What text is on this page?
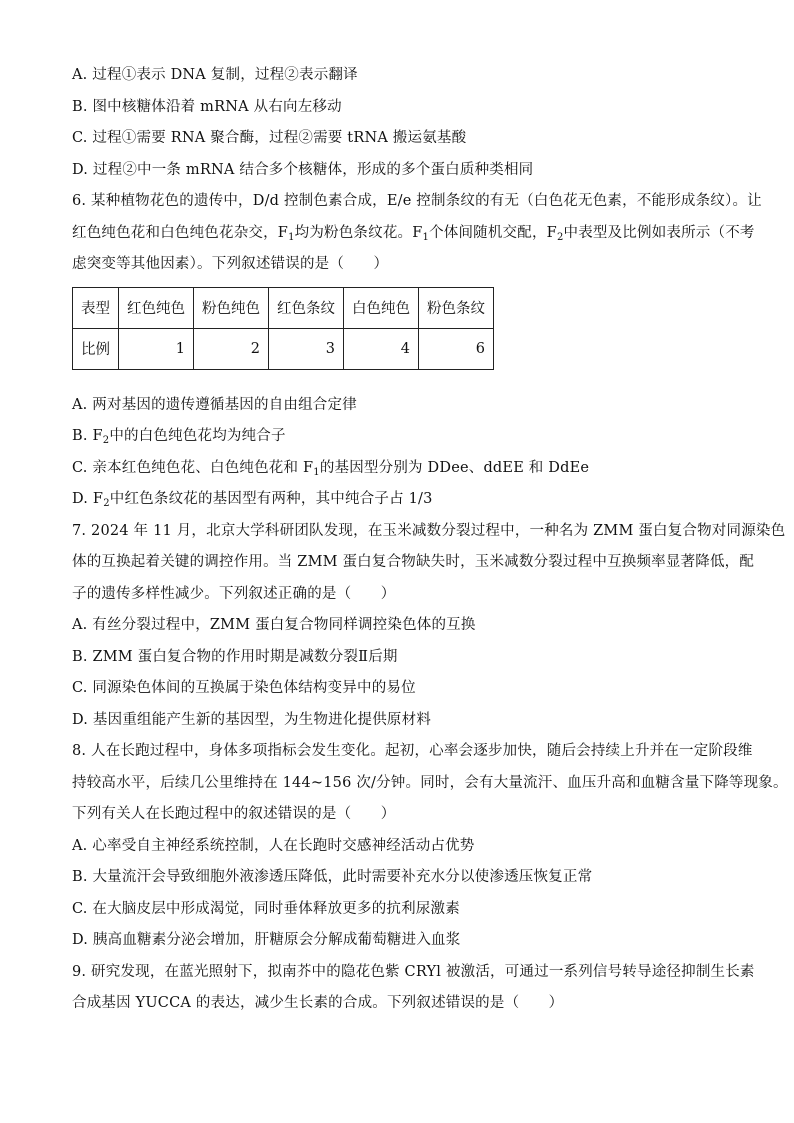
A. 过程①表示 DNA 复制，过程②表示翻译
B. 图中核糖体沿着 mRNA 从右向左移动
C. 过程①需要 RNA 聚合酶，过程②需要 tRNA 搬运氨基酸
D. 过程②中一条 mRNA 结合多个核糖体，形成的多个蛋白质种类相同
6. 某种植物花色的遗传中，D/d 控制色素合成，E/e 控制条纹的有无（白色花无色素，不能形成条纹）。让
红色纯色花和白色纯色花杂交，$F_1$均为粉色条纹花。$F_1$个体间随机交配，$F_2$中表型及比例如表所示（不考
虑突变等其他因素）。下列叙述错误的是（　　）
表型	红色纯色	粉色纯色	红色条纹	白色纯色	粉色条纹
比例	1	2	3	4	6
A. 两对基因的遗传遵循基因的自由组合定律
B. $F_2$中的白色纯色花均为纯合子
C. 亲本红色纯色花、白色纯色花和 $F_1$的基因型分别为 DDee、ddEE 和 DdEe
D. $F_2$中红色条纹花的基因型有两种，其中纯合子占 1/3
7. 2024 年 11 月，北京大学科研团队发现，在玉米减数分裂过程中，一种名为 ZMM 蛋白复合物对同源染色
体的互换起着关键的调控作用。当 ZMM 蛋白复合物缺失时，玉米减数分裂过程中互换频率显著降低，配
子的遗传多样性减少。下列叙述正确的是（　　）
A. 有丝分裂过程中，ZMM 蛋白复合物同样调控染色体的互换
B. ZMM 蛋白复合物的作用时期是减数分裂Ⅱ后期
C. 同源染色体间的互换属于染色体结构变异中的易位
D. 基因重组能产生新的基因型，为生物进化提供原材料
8. 人在长跑过程中，身体多项指标会发生变化。起初，心率会逐步加快，随后会持续上升并在一定阶段维
持较高水平，后续几公里维持在 144~156 次/分钟。同时，会有大量流汗、血压升高和血糖含量下降等现象。
下列有关人在长跑过程中的叙述错误的是（　　）
A. 心率受自主神经系统控制，人在长跑时交感神经活动占优势
B. 大量流汗会导致细胞外液渗透压降低，此时需要补充水分以使渗透压恢复正常
C. 在大脑皮层中形成渴觉，同时垂体释放更多的抗利尿激素
D. 胰高血糖素分泌会增加，肝糖原会分解成葡萄糖进入血浆
9. 研究发现，在蓝光照射下，拟南芥中的隐花色紫 CRYl 被激活，可通过一系列信号转导途径抑制生长素
合成基因 YUCCA 的表达，减少生长素的合成。下列叙述错误的是（　　）
